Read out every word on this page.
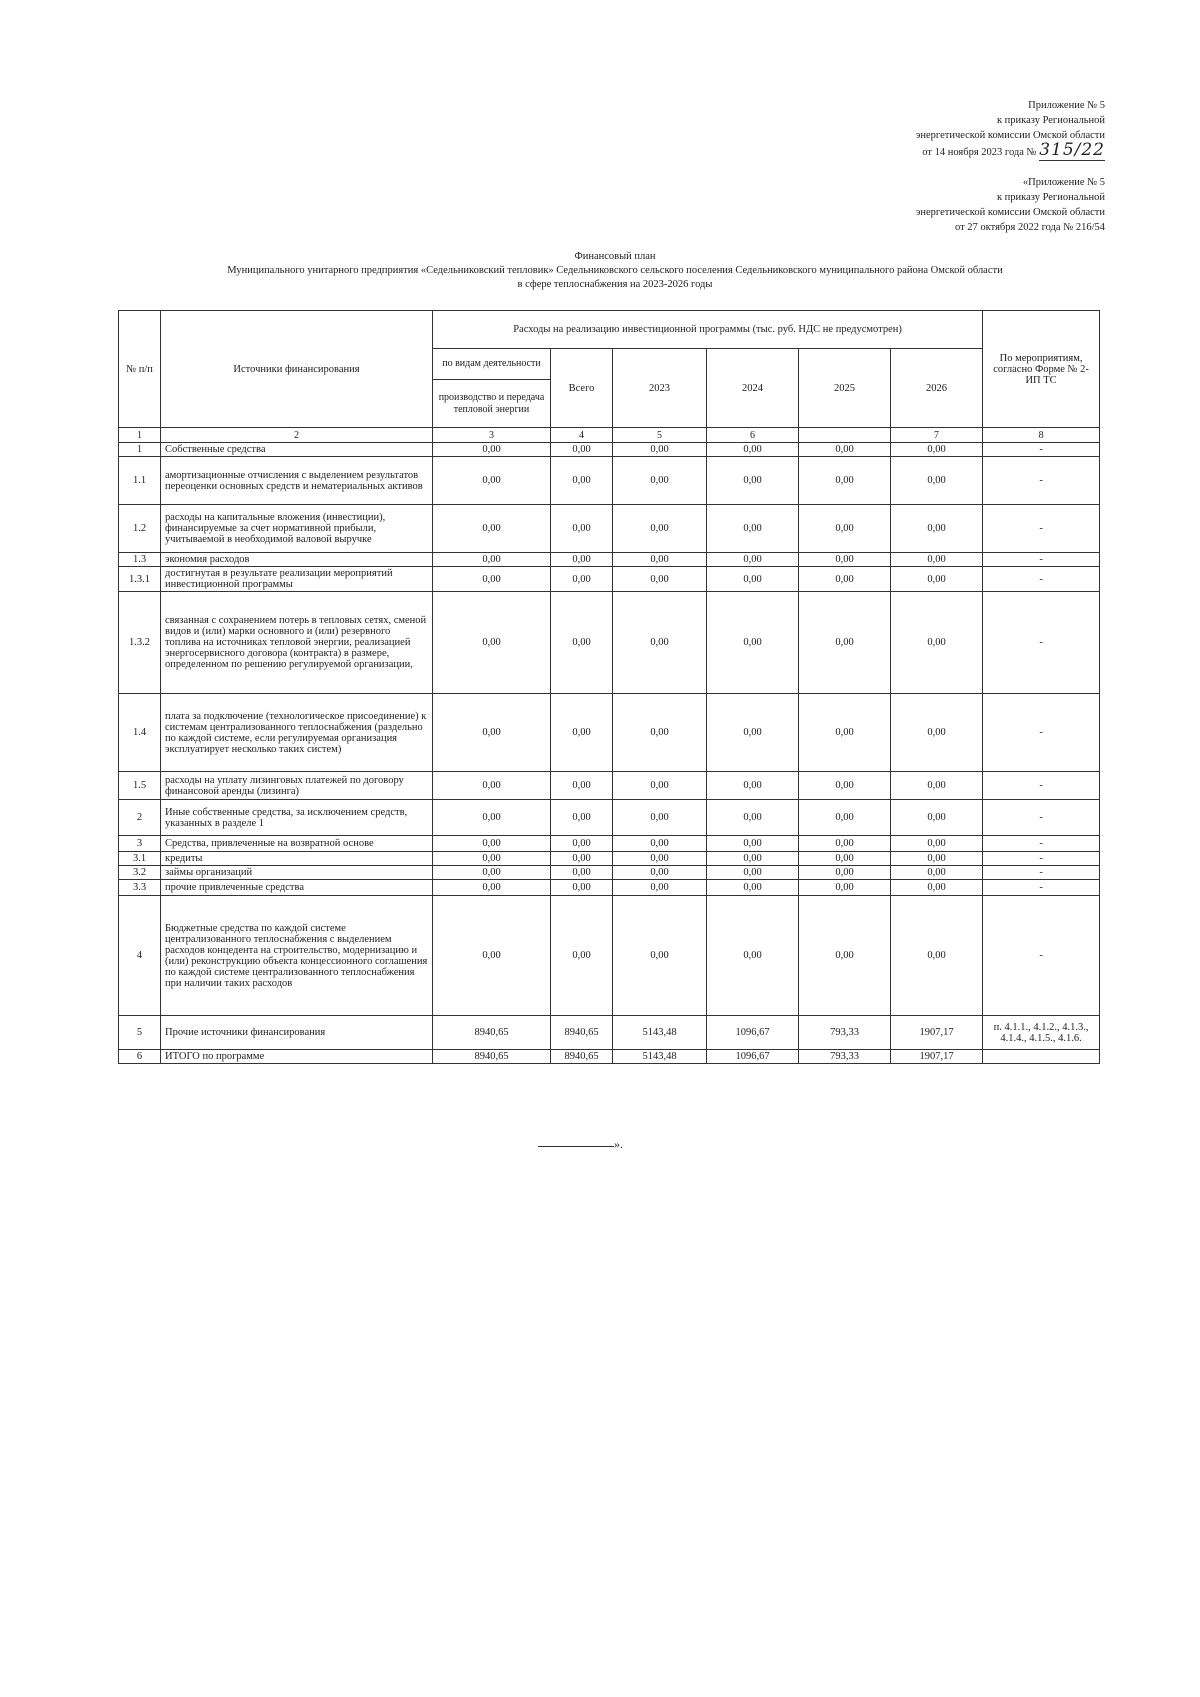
Приложение № 5
к приказу Региональной
энергетической комиссии Омской области
от 14 ноября 2023 года № 315/22
«Приложение № 5
к приказу Региональной
энергетической комиссии Омской области
от 27 октября 2022 года № 216/54
Финансовый план
Муниципального унитарного предприятия «Седельниковский тепловик» Седельниковского сельского поселения Седельниковского муниципального района Омской области
в сфере теплоснабжения на 2023-2026 годы
№ п/п	Источники финансирования	Расходы на реализацию инвестиционной программы (тыс. руб. НДС не предусмотрен)						По мероприятиям, согласно Форме № 2-ИП ТС
		по видам деятельности	Всего	2023	2024	2025	2026	
		производство и передача тепловой энергии						
1	2	3	4	5	6		7	8
1	Собственные средства	0,00	0,00	0,00	0,00	0,00	0,00	-
1.1	амортизационные отчисления с выделением результатов переоценки основных средств и нематериальных активов	0,00	0,00	0,00	0,00	0,00	0,00	-
1.2	расходы на капитальные вложения (инвестиции), финансируемые за счет нормативной прибыли, учитываемой в необходимой валовой выручке	0,00	0,00	0,00	0,00	0,00	0,00	-
1.3	экономия расходов	0,00	0,00	0,00	0,00	0,00	0,00	-
1.3.1	достигнутая в результате реализации мероприятий инвестиционной программы	0,00	0,00	0,00	0,00	0,00	0,00	-
1.3.2	связанная с сохранением потерь в тепловых сетях, сменой видов и (или) марки основного и (или) резервного топлива на источниках тепловой энергии, реализацией энергосервисного договора (контракта) в размере, определенном по решению регулируемой организации,	0,00	0,00	0,00	0,00	0,00	0,00	-
1.4	плата за подключение (технологическое присоединение) к системам централизованного теплоснабжения (раздельно по каждой системе, если регулируемая организация эксплуатирует несколько таких систем)	0,00	0,00	0,00	0,00	0,00	0,00	-
1.5	расходы на уплату лизинговых платежей по договору финансовой аренды (лизинга)	0,00	0,00	0,00	0,00	0,00	0,00	-
2	Иные собственные средства, за исключением средств, указанных в разделе 1	0,00	0,00	0,00	0,00	0,00	0,00	-
3	Средства, привлеченные на возвратной основе	0,00	0,00	0,00	0,00	0,00	0,00	-
3.1	кредиты	0,00	0,00	0,00	0,00	0,00	0,00	-
3.2	займы организаций	0,00	0,00	0,00	0,00	0,00	0,00	-
3.3	прочие привлеченные средства	0,00	0,00	0,00	0,00	0,00	0,00	-
4	Бюджетные средства по каждой системе централизованного теплоснабжения с выделением расходов концедента на строительство, модернизацию и (или) реконструкцию объекта концессионного соглашения по каждой системе централизованного теплоснабжения при наличии таких расходов	0,00	0,00	0,00	0,00	0,00	0,00	-
5	Прочие источники финансирования	8940,65	8940,65	5143,48	1096,67	793,33	1907,17	п. 4.1.1., 4.1.2., 4.1.3., 4.1.4., 4.1.5., 4.1.6.
6	ИТОГО по программе	8940,65	8940,65	5143,48	1096,67	793,33	1907,17	
».
